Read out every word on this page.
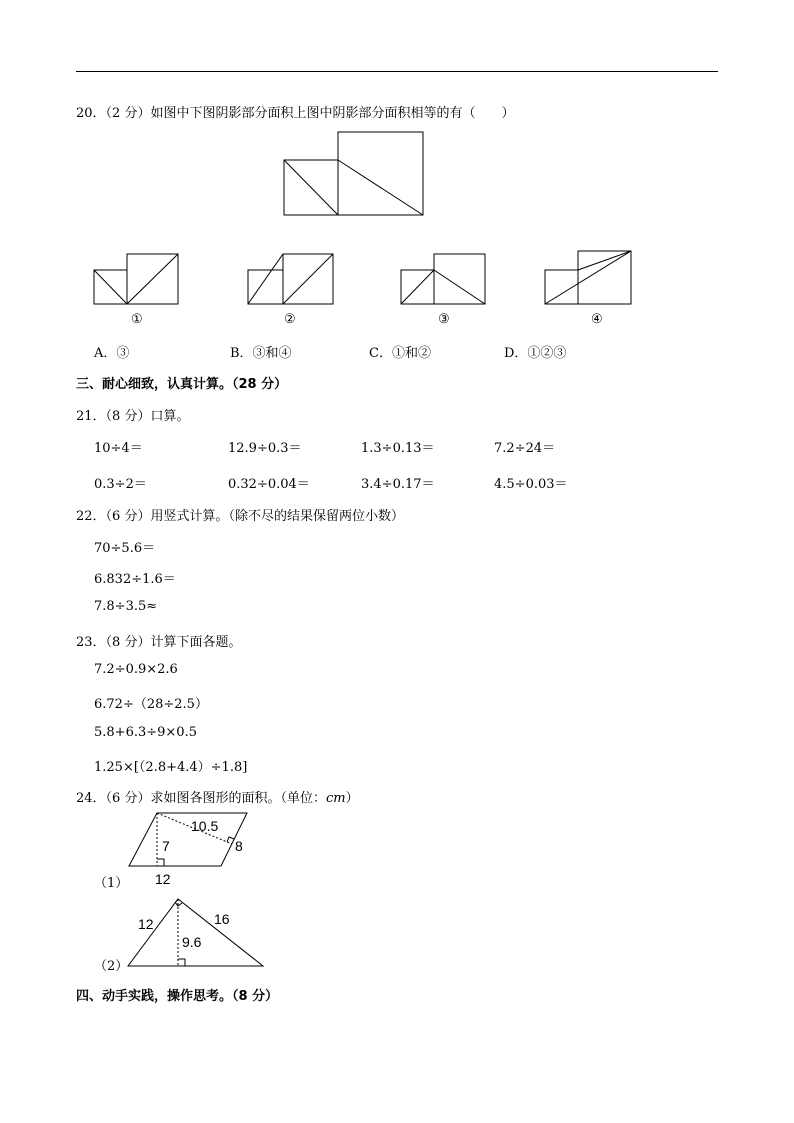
20．（2 分）如图中下图阴影部分面积上图中阴影部分面积相等的有（　　）
①	②	③	④
A．③	B．③和④	C．①和②	D．①②③
三、耐心细致，认真计算。（28 分）
21．（8 分）口算。
10÷4＝	12.9÷0.3＝	1.3÷0.13＝	7.2÷24＝
0.3÷2＝	0.32÷0.04＝	3.4÷0.17＝	4.5÷0.03＝
22．（6 分）用竖式计算。（除不尽的结果保留两位小数）
70÷5.6＝
6.832÷1.6＝
7.8÷3.5≈
23．（8 分）计算下面各题。
7.2÷0.9×2.6
6.72÷（28÷2.5）
5.8+6.3÷9×0.5
1.25×[（2.8+4.4）÷1.8]
24．（6 分）求如图各图形的面积。（单位：cm）
10.5
7	8
12
（1）
12	16
9.6
（2）
四、动手实践，操作思考。（8 分）
